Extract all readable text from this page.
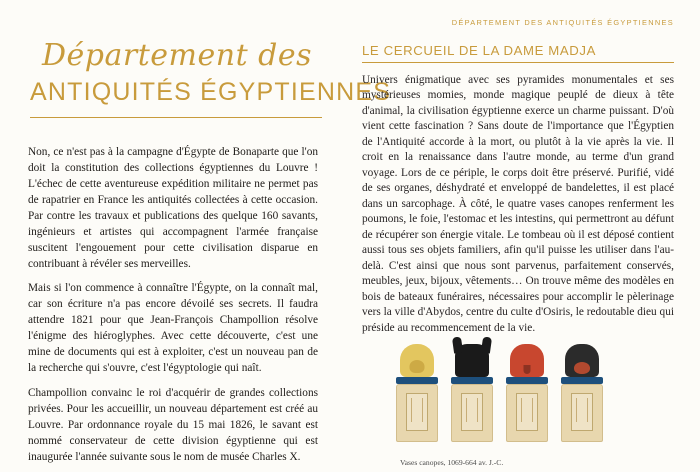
Département des
ANTIQUITÉS ÉGYPTIENNES

Non, ce n'est pas à la campagne d'Égypte de Bonaparte que l'on doit la constitution des collections égyptiennes du Louvre ! L'échec de cette aventureuse expédition militaire ne permet pas de rapatrier en France les antiquités collectées à cette occasion. Par contre les travaux et publications des quelque 160 savants, ingénieurs et artistes qui accompagnent l'armée française suscitent l'engouement pour cette civilisation disparue en contribuant à révéler ses merveilles.

Mais si l'on commence à connaître l'Égypte, on la connaît mal, car son écriture n'a pas encore dévoilé ses secrets. Il faudra attendre 1821 pour que Jean-François Champollion résolve l'énigme des hiéroglyphes. Avec cette découverte, c'est une mine de documents qui est à exploiter, c'est un nouveau pan de la recherche qui s'ouvre, c'est l'égyptologie qui naît.

Champollion convainc le roi d'acquérir de grandes collections privées. Pour les accueillir, un nouveau département est créé au Louvre. Par ordonnance royale du 15 mai 1826, le savant est nommé conservateur de cette division égyptienne qui est inaugurée l'année suivante sous le nom de musée Charles X.

DÉPARTEMENT DES ANTIQUITÉS ÉGYPTIENNES
LE CERCUEIL DE LA DAME MADJA

Univers énigmatique avec ses pyramides monumentales et ses mystérieuses momies, monde magique peuplé de dieux à tête d'animal, la civilisation égyptienne exerce un charme puissant. D'où vient cette fascination ? Sans doute de l'importance que l'Égyptien de l'Antiquité accorde à la mort, ou plutôt à la vie après la vie. Il croit en la renaissance dans l'autre monde, au terme d'un grand voyage. Lors de ce périple, le corps doit être préservé. Purifié, vidé de ses organes, déshydraté et enveloppé de bandelettes, il est placé dans un sarcophage. À côté, le quatre vases canopes renferment les poumons, le foie, l'estomac et les intestins, qui permettront au défunt de récupérer son énergie vitale. Le tombeau où il est déposé contient aussi tous ses objets familiers, afin qu'il puisse les utiliser dans l'au-delà. C'est ainsi que nous sont parvenus, parfaitement conservés, meubles, jeux, bijoux, vêtements… On trouve même des modèles en bois de bateaux funéraires, nécessaires pour accomplir le pèlerinage vers la ville d'Abydos, centre du culte d'Osiris, le redoutable dieu qui préside au recommencement de la vie.

Vases canopes, 1069-664 av. J.-C.
